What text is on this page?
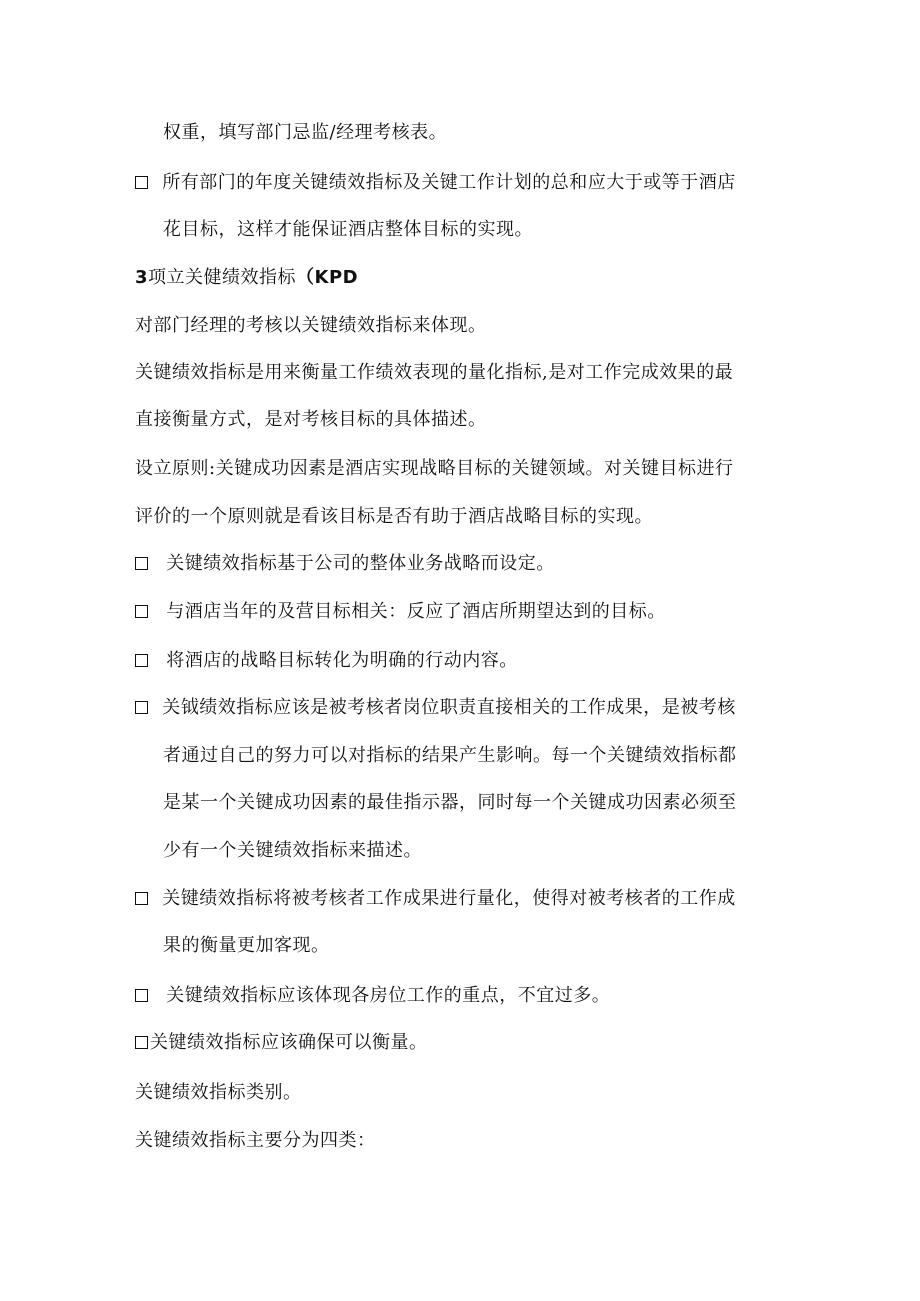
权重，填写部门忌监/经理考核表。
所有部门的年度关键绩效指标及关键工作计划的总和应大于或等于酒店
花目标，这样才能保证酒店整体目标的实现。
3项立关健绩效指标（KPD
对部门经理的考核以关键绩效指标来体现。
关键绩效指标是用来衡量工作绩效表现的量化指标,是对工作完成效果的最
直接衡量方式，是对考核目标的具体描述。
设立原则:关键成功因素是酒店实现战略目标的关键领域。对关键目标进行
评价的一个原则就是看该目标是否有助于酒店战略目标的实现。
关键绩效指标基于公司的整体业务战略而设定。
与酒店当年的及营目标相关：反应了酒店所期望达到的目标。
将酒店的战略目标转化为明确的行动内容。
关钺绩效指标应该是被考核者岗位职责直接相关的工作成果，是被考核
者通过自己的努力可以对指标的结果产生影响。每一个关键绩效指标都
是某一个关键成功因素的最佳指示器，同时每一个关键成功因素必须至
少有一个关键绩效指标来描述。
关键绩效指标将被考核者工作成果进行量化，使得对被考核者的工作成
果的衡量更加客现。
关键绩效指标应该体现各房位工作的重点，不宜过多。
关键绩效指标应该确保可以衡量。
关键绩效指标类别。
关键绩效指标主要分为四类：
